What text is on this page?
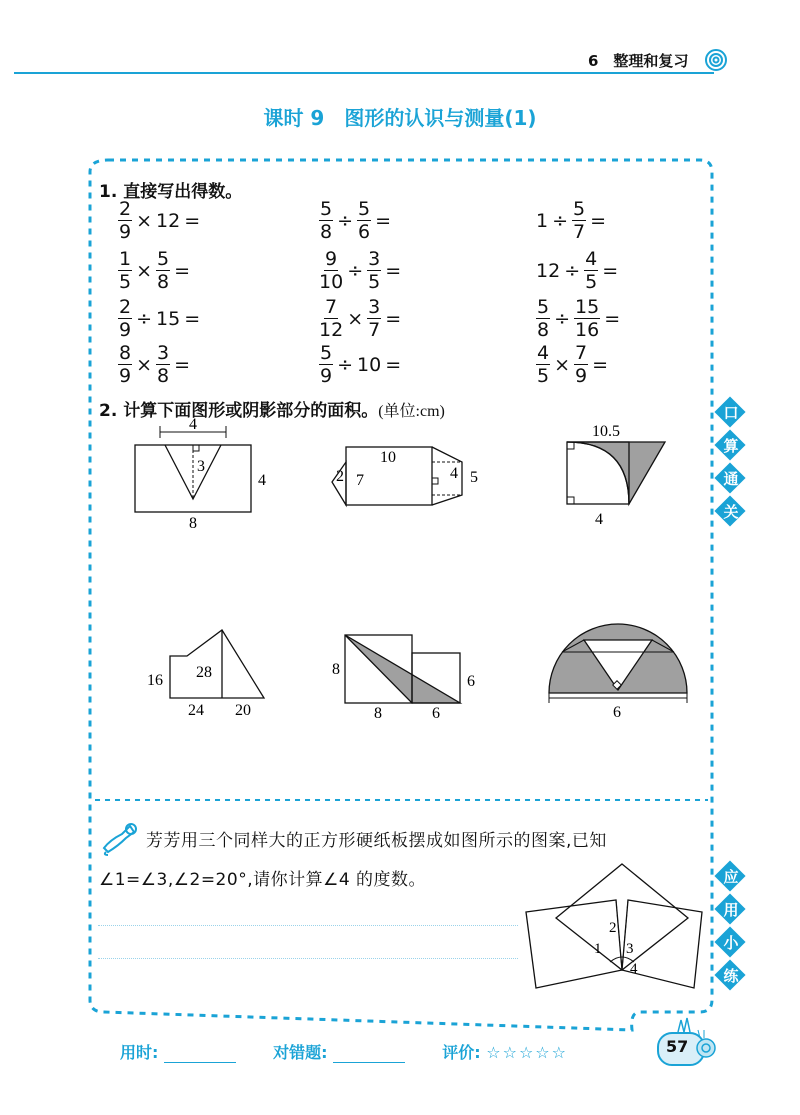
6　整理和复习
课时 9　图形的认识与测量(1)
口
算
通
关
应
用
小
练
1. 直接写出得数。
$\frac{2}{9} \times 12$ =	$\frac{5}{8} \div \frac{5}{6}$ =	$1 \div \frac{5}{7}$ =
$\frac{1}{5} \times \frac{5}{8}$ =	$\frac{9}{10} \div \frac{3}{5}$ =	$12 \div \frac{4}{5}$ =
$\frac{2}{9} \div 15$ =	$\frac{7}{12} \times \frac{3}{7}$ =	$\frac{5}{8} \div \frac{15}{16}$ =
$\frac{8}{9} \times \frac{3}{8}$ =	$\frac{5}{9} \div 10$ =	$\frac{4}{5} \times \frac{7}{9}$ =
2. 计算下面图形或阴影部分的面积。(单位:cm)
4
3
4
8
2 7
10
4 5
10.5
4
16 28
24 20
8
6
8	6	6
芳芳用三个同样大的正方形硬纸板摆成如图所示的图案,已知
∠1=∠3,∠2=20°,请你计算∠4 的度数。
1
2
3
4
用时:	对错题:	评价: ☆☆☆☆☆	57
